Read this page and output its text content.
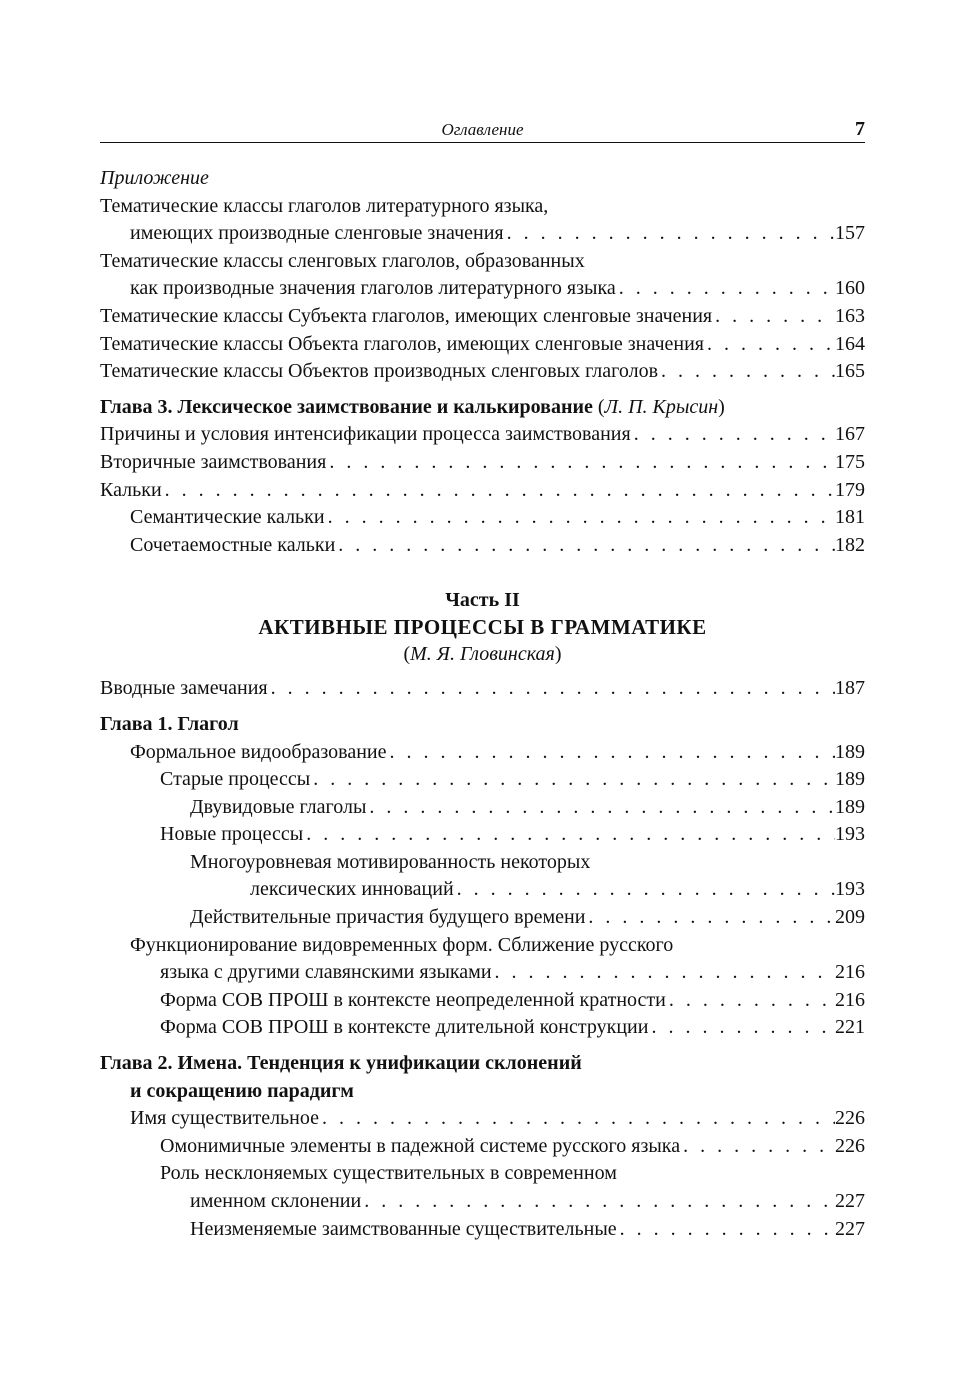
Оглавление	7
Приложение
Тематические классы глаголов литературного языка,
имеющих производные сленговые значения . . .	157
Тематические классы сленговых глаголов, образованных
как производные значения глаголов литературного языка . . .	160
Тематические классы Субъекта глаголов, имеющих сленговые значения . . .	163
Тематические классы Объекта глаголов, имеющих сленговые значения . . .	164
Тематические классы Объектов производных сленговых глаголов . . .	165
Глава 3. Лексическое заимствование и калькирование (Л. П. Крысин)
Причины и условия интенсификации процесса заимствования . . .	167
Вторичные заимствования . . .	175
Кальки . . .	179
Семантические кальки . . .	181
Сочетаемостные кальки . . .	182
Часть II
АКТИВНЫЕ ПРОЦЕССЫ В ГРАММАТИКЕ
(М. Я. Гловинская)
Вводные замечания . . .	187
Глава 1. Глагол
Формальное видообразование . . .	189
Старые процессы . . .	189
Двувидовые глаголы . . .	189
Новые процессы . . .	193
Многоуровневая мотивированность некоторых
лексических инноваций . . .	193
Действительные причастия будущего времени . . .	209
Функционирование видовременных форм. Сближение русского
языка с другими славянскими языками . . .	216
Форма СОВ ПРОШ в контексте неопределенной кратности . . .	216
Форма СОВ ПРОШ в контексте длительной конструкции . . .	221
Глава 2. Имена. Тенденция к унификации склонений
и сокращению парадигм
Имя существительное . . .	226
Омонимичные элементы в падежной системе русского языка . . .	226
Роль несклоняемых существительных в современном
именном склонении . . .	227
Неизменяемые заимствованные существительные . . .	227
